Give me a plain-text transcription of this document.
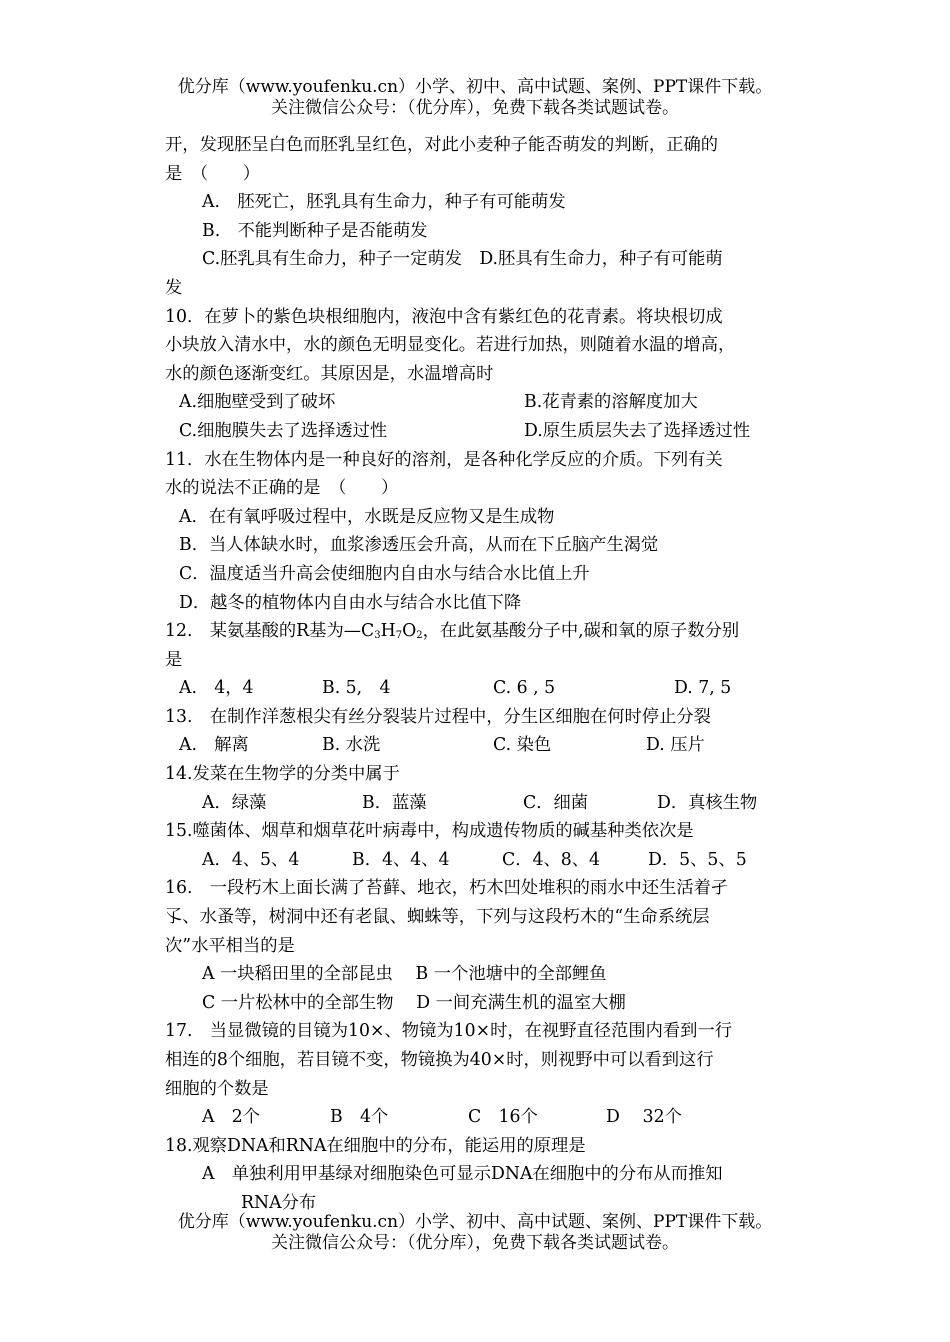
优分库（www.youfenku.cn）小学、初中、高中试题、案例、PPT课件下载。
关注微信公众号：（优分库），免费下载各类试题试卷。
开，发现胚呈白色而胚乳呈红色，对此小麦种子能否萌发的判断，正确的
是　（　　）
A.　胚死亡，胚乳具有生命力，种子有可能萌发
B.　不能判断种子是否能萌发
C.胚乳具有生命力，种子一定萌发　D.胚具有生命力，种子有可能萌
发
10．在萝卜的紫色块根细胞内，液泡中含有紫红色的花青素。将块根切成
小块放入清水中，水的颜色无明显变化。若进行加热，则随着水温的增高，
水的颜色逐渐变红。其原因是，水温增高时
A.细胞壁受到了破坏	B.花青素的溶解度加大
C.细胞膜失去了选择透过性	D.原生质层失去了选择透过性
11．水在生物体内是一种良好的溶剂，是各种化学反应的介质。下列有关
水的说法不正确的是　（　　）
A．在有氧呼吸过程中，水既是反应物又是生成物
B．当人体缺水时，血浆渗透压会升高，从而在下丘脑产生渴觉
C．温度适当升高会使细胞内自由水与结合水比值上升
D．越冬的植物体内自由水与结合水比值下降
12.　某氨基酸的R基为$—C_3H_7O_2$，在此氨基酸分子中,碳和氧的原子数分别
是
A.　4，4	B. 5,　4	C. 6 , 5	D. 7, 5
13.　在制作洋葱根尖有丝分裂装片过程中，分生区细胞在何时停止分裂
A.　解离	B. 水洗	C. 染色	D. 压片
14.发菜在生物学的分类中属于
A．绿藻	B．蓝藻	C．细菌	D．真核生物
15.噬菌体、烟草和烟草花叶病毒中，构成遗传物质的碱基种类依次是
A．4、5、4	B．4、4、4	C．4、8、4	D．5、5、5
16.　一段朽木上面长满了苔藓、地衣，朽木凹处堆积的雨水中还生活着孑
孓、水蚤等，树洞中还有老鼠、蜘蛛等，下列与这段朽木的“生命系统层
次”水平相当的是
A 一块稻田里的全部昆虫　 B 一个池塘中的全部鲤鱼
C 一片松林中的全部生物　 D 一间充满生机的温室大棚
17.　当显微镜的目镜为10×、物镜为10×时，在视野直径范围内看到一行
相连的8个细胞，若目镜不变，物镜换为40×时，则视野中可以看到这行
细胞的个数是
A　2个	B　4个	C　16个	D　 32个
18.观察DNA和RNA在细胞中的分布，能运用的原理是
A　单独利用甲基绿对细胞染色可显示DNA在细胞中的分布从而推知
RNA分布
优分库（www.youfenku.cn）小学、初中、高中试题、案例、PPT课件下载。
关注微信公众号：（优分库），免费下载各类试题试卷。
